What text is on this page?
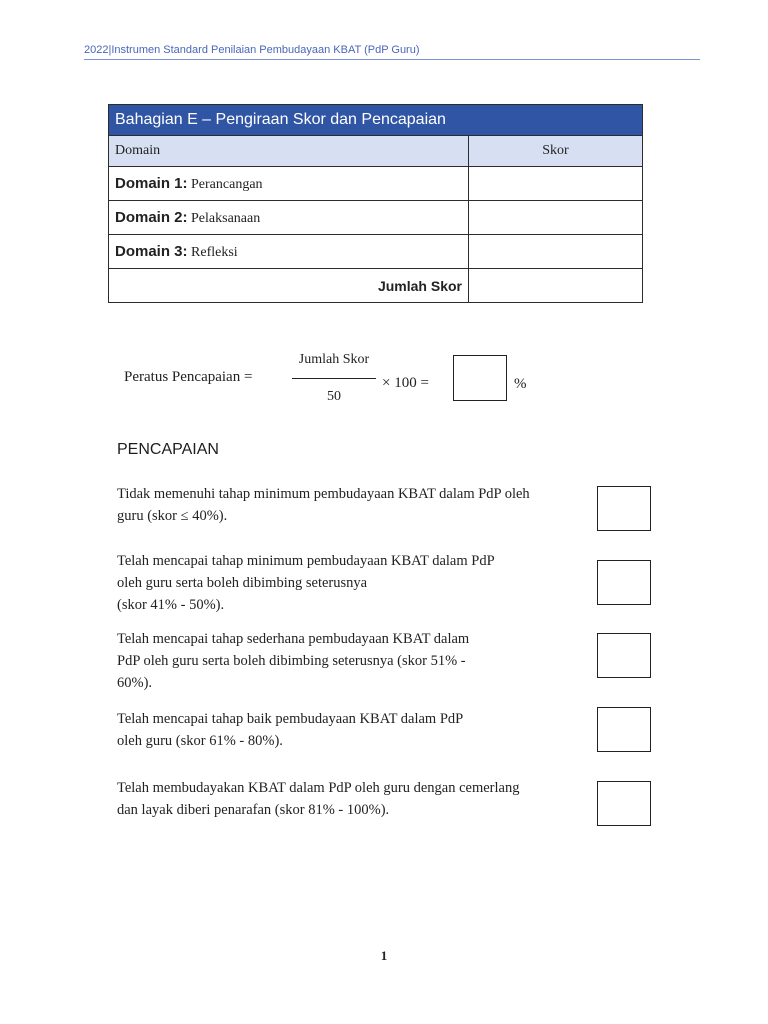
2022|Instrumen Standard Penilaian Pembudayaan KBAT (PdP Guru)
Bahagian E – Pengiraan Skor dan Pencapaian	
Domain	Skor
Domain 1: Perancangan	
Domain 2: Pelaksanaan	
Domain 3: Refleksi	
Jumlah Skor	
Peratus Pencapaian =
Jumlah Skor
50
× 100 =	%
PENCAPAIAN
Tidak memenuhi tahap minimum pembudayaan KBAT dalam PdP oleh
guru (skor ≤ 40%).
Telah mencapai tahap minimum pembudayaan KBAT dalam PdP
oleh guru serta boleh dibimbing seterusnya
(skor 41% - 50%).
Telah mencapai tahap sederhana pembudayaan KBAT dalam
PdP oleh guru serta boleh dibimbing seterusnya (skor 51% -
60%).
Telah mencapai tahap baik pembudayaan KBAT dalam PdP
oleh guru (skor 61% - 80%).
Telah membudayakan KBAT dalam PdP oleh guru dengan cemerlang
dan layak diberi penarafan (skor 81% - 100%).
1
